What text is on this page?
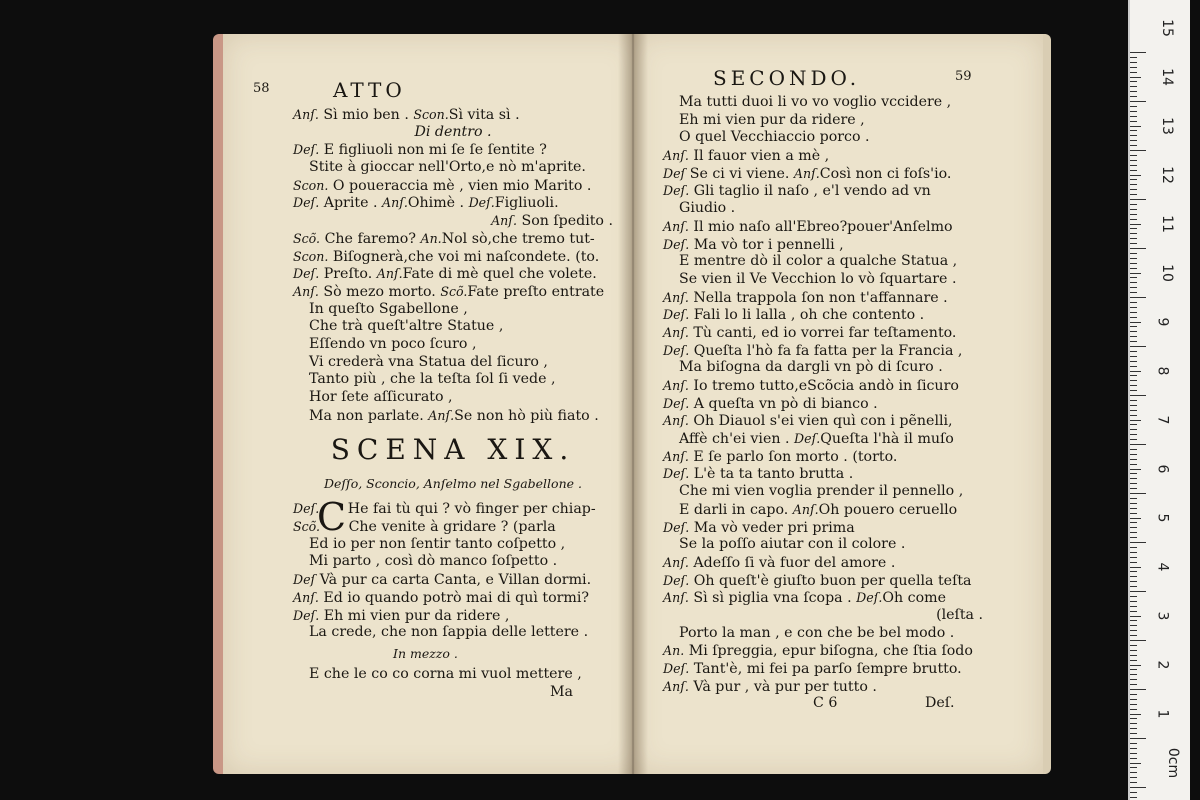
58	ATTO
Anſ. Sì mio ben . Scon.Sì vita sì .
Di dentro .
Deſ. E figliuoli non mi ſe ſe ſentite ?
Stite à gioccar nell'Orto,e nò m'aprite.
Scon. O poueraccia mè , vien mio Marito .
Deſ. Aprite . Anſ.Ohimè . Deſ.Figliuoli.
Anſ. Son ſpedito .
Scõ. Che faremo? An.Nol sò,che tremo tut-
Scon. Biſognerà,che voi mi naſcondete. (to.
Deſ. Preſto. Anſ.Fate di mè quel che volete.
Anſ. Sò mezo morto. Scõ.Fate preſto entrate
In queſto Sgabellone ,
Che trà queſt'altre Statue ,
Eſſendo vn poco ſcuro ,
Vi crederà vna Statua del ſicuro ,
Tanto più , che la teſta ſol ſi vede ,
Hor ſete aſſicurato ,
Ma non parlate. Anſ.Se non hò più fiato .
SCENA XIX.
Deſſo, Sconcio, Anſelmo nel Sgabellone .
Deſ. He fai tù qui ? vò finger per chiap-
Scõ. Che venite à gridare ? (parla
Ed io per non ſentir tanto coſpetto ,
Mi parto , così dò manco ſoſpetto .
Deſ Và pur ca carta Canta, e Villan dormi.
Anſ. Ed io quando potrò mai di quì tormi?
Deſ. Eh mi vien pur da ridere ,
La crede, che non ſappia delle lettere .
In mezzo .
E che le co co corna mi vuol mettere ,
C
Ma
SECONDO.	59
Ma tutti duoi li vo vo voglio vccidere ,
Eh mi vien pur da ridere ,
O quel Vecchiaccio porco .
Anſ. Il fauor vien a mè ,
Deſ Se ci vi viene. Anſ.Così non ci foſs'io.
Deſ. Gli taglio il naſo , e'l vendo ad vn
Giudio .
Anſ. Il mio naſo all'Ebreo?pouer'Anſelmo
Deſ. Ma vò tor i pennelli ,
E mentre dò il color a qualche Statua ,
Se vien il Ve Vecchion lo vò ſquartare .
Anſ. Nella trappola ſon non t'affannare .
Deſ. Fali lo li lalla , oh che contento .
Anſ. Tù canti, ed io vorrei far teſtamento.
Deſ. Queſta l'hò fa fa fatta per la Francia ,
Ma biſogna da dargli vn pò di ſcuro .
Anſ. Io tremo tutto,eScõcia andò in ſicuro
Deſ. A queſta vn pò di bianco .
Anſ. Oh Diauol s'ei vien quì con i pẽnelli,
Affè ch'ei vien . Deſ.Queſta l'hà il muſo
Anſ. E ſe parlo ſon morto . (torto.
Deſ. L'è ta ta tanto brutta .
Che mi vien voglia prender il pennello ,
E darli in capo. Anſ.Oh pouero ceruello
Deſ. Ma vò veder pri prima
Se la poſſo aiutar con il colore .
Anſ. Adeſſo ſi và fuor del amore .
Deſ. Oh queſt'è giuſto buon per quella teſta
Anſ. Sì sì piglia vna ſcopa . Deſ.Oh come
(leſta .
Porto la man , e con che be bel modo .
An. Mi ſpreggia, epur biſogna, che ſtia ſodo
Deſ. Tant'è, mi fei pa parſo ſempre brutto.
Anſ. Và pur , và pur per tutto .
C 6	Deſ.
15
14
13
12
11
10
9
8
7
6
5
4
3
2
1
0cm
